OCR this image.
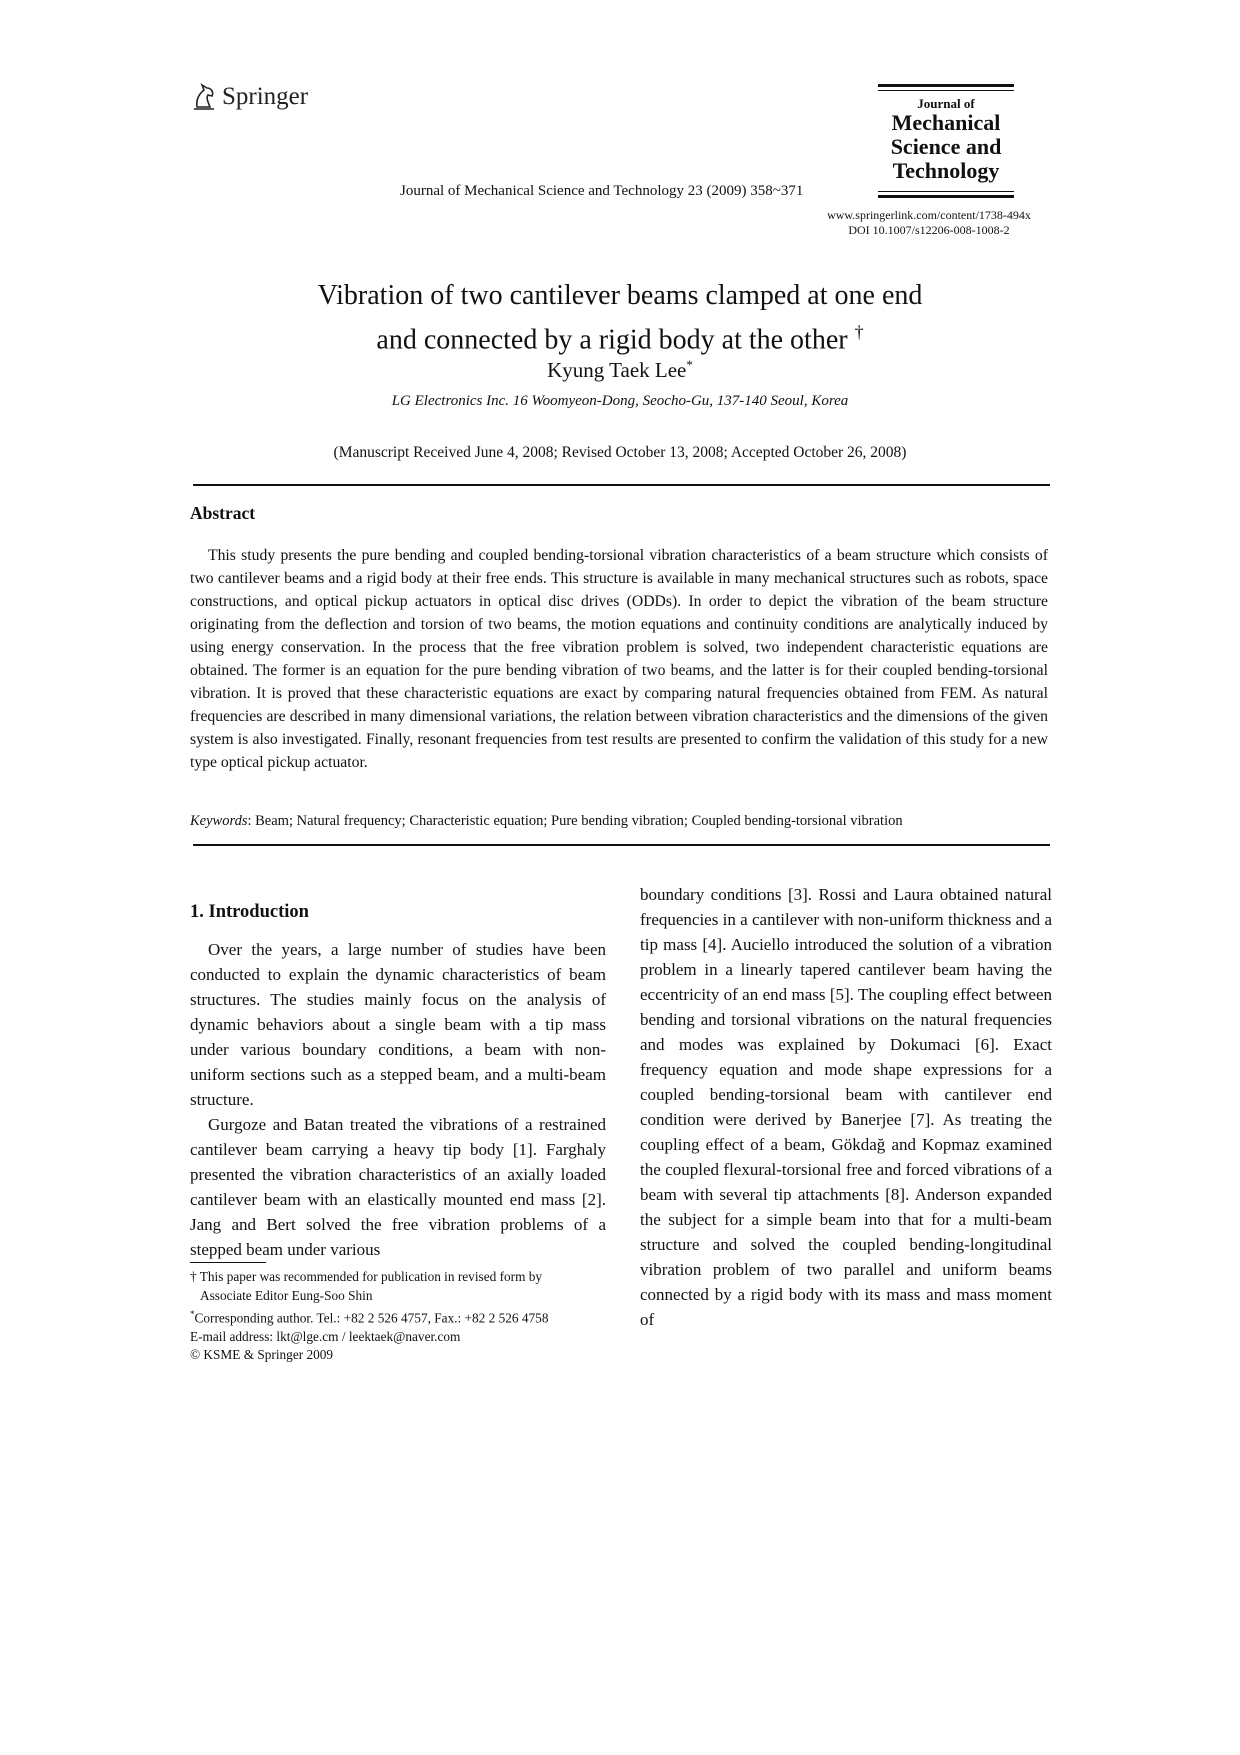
Springer
Journal of Mechanical Science and Technology 23 (2009) 358~371
Journal of
Mechanical
Science and
Technology
www.springerlink.com/content/1738-494x
DOI 10.1007/s12206-008-1008-2
Vibration of two cantilever beams clamped at one end
and connected by a rigid body at the other †
Kyung Taek Lee*
LG Electronics Inc. 16 Woomyeon-Dong, Seocho-Gu, 137-140 Seoul, Korea
(Manuscript Received June 4, 2008; Revised October 13, 2008; Accepted October 26, 2008)
Abstract
This study presents the pure bending and coupled bending-torsional vibration characteristics of a beam structure which consists of two cantilever beams and a rigid body at their free ends. This structure is available in many mechanical structures such as robots, space constructions, and optical pickup actuators in optical disc drives (ODDs). In order to depict the vibration of the beam structure originating from the deflection and torsion of two beams, the motion equations and continuity conditions are analytically induced by using energy conservation. In the process that the free vibration problem is solved, two independent characteristic equations are obtained. The former is an equation for the pure bending vibration of two beams, and the latter is for their coupled bending-torsional vibration. It is proved that these characteristic equations are exact by comparing natural frequencies obtained from FEM. As natural frequencies are described in many dimensional variations, the relation between vibration characteristics and the dimensions of the given system is also investigated. Finally, resonant frequencies from test results are presented to confirm the validation of this study for a new type optical pickup actuator.
Keywords: Beam; Natural frequency; Characteristic equation; Pure bending vibration; Coupled bending-torsional vibration
1. Introduction

Over the years, a large number of studies have been conducted to explain the dynamic characteristics of beam structures. The studies mainly focus on the analysis of dynamic behaviors about a single beam with a tip mass under various boundary conditions, a beam with non-uniform sections such as a stepped beam, and a multi-beam structure.

Gurgoze and Batan treated the vibrations of a restrained cantilever beam carrying a heavy tip body [1]. Farghaly presented the vibration characteristics of an axially loaded cantilever beam with an elastically mounted end mass [2]. Jang and Bert solved the free vibration problems of a stepped beam under various

† This paper was recommended for publication in revised form by
Associate Editor Eung-Soo Shin
*Corresponding author. Tel.: +82 2 526 4757, Fax.: +82 2 526 4758
E-mail address: lkt@lge.cm / leektaek@naver.com
© KSME & Springer 2009

boundary conditions [3]. Rossi and Laura obtained natural frequencies in a cantilever with non-uniform thickness and a tip mass [4]. Auciello introduced the solution of a vibration problem in a linearly tapered cantilever beam having the eccentricity of an end mass [5]. The coupling effect between bending and torsional vibrations on the natural frequencies and modes was explained by Dokumaci [6]. Exact frequency equation and mode shape expressions for a coupled bending-torsional beam with cantilever end condition were derived by Banerjee [7]. As treating the coupling effect of a beam, Gökdağ and Kopmaz examined the coupled flexural-torsional free and forced vibrations of a beam with several tip attachments [8]. Anderson expanded the subject for a simple beam into that for a multi-beam structure and solved the coupled bending-longitudinal vibration problem of two parallel and uniform beams connected by a rigid body with its mass and mass moment of
